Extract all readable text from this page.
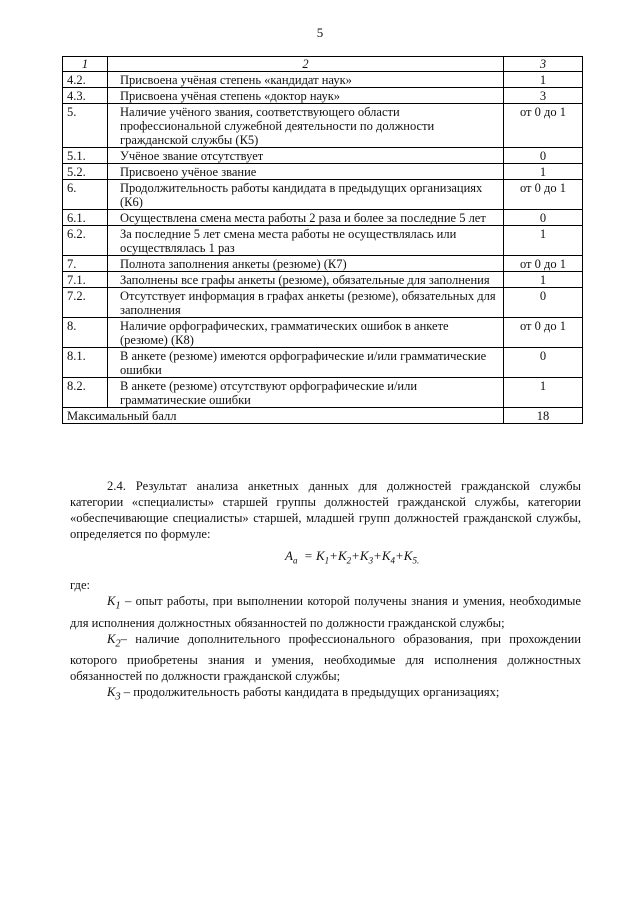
5
1	2	3
4.2.	Присвоена учёная степень «кандидат наук»	1
4.3.	Присвоена учёная степень «доктор наук»	3
5.	Наличие учёного звания, соответствующего области профессиональной служебной деятельности по должности гражданской службы (К5)	от 0 до 1
5.1.	Учёное звание отсутствует	0
5.2.	Присвоено учёное звание	1
6.	Продолжительность работы кандидата в предыдущих организациях (К6)	от 0 до 1
6.1.	Осуществлена смена места работы 2 раза и более за последние 5 лет	0
6.2.	За последние 5 лет смена места работы не осуществлялась или осуществлялась 1 раз	1
7.	Полнота заполнения анкеты (резюме) (К7)	от 0 до 1
7.1.	Заполнены все графы анкеты (резюме), обязательные для заполнения	1
7.2.	Отсутствует информация в графах анкеты (резюме), обязательных для заполнения	0
8.	Наличие орфографических, грамматических ошибок в анкете (резюме) (К8)	от 0 до 1
8.1.	В анкете (резюме) имеются орфографические и/или грамматические ошибки	0
8.2.	В анкете (резюме) отсутствуют орфографические и/или грамматические ошибки	1
Максимальный балл		18

2.4. Результат анализа анкетных данных для должностей гражданской службы категории «специалисты» старшей группы должностей гражданской службы, категории «обеспечивающие специалисты» старшей, младшей групп должностей гражданской службы, определяется по формуле:

$A_a = K_1+K_2+K_3+K_4+K_{5.}$

где:

$K_1$ – опыт работы, при выполнении которой получены знания и умения, необходимые для исполнения должностных обязанностей по должности гражданской службы;

$K_2-$ наличие дополнительного профессионального образования, при прохождении которого приобретены знания и умения, необходимые для исполнения должностных обязанностей по должности гражданской службы;

$K_3$ – продолжительность работы кандидата в предыдущих организациях;
